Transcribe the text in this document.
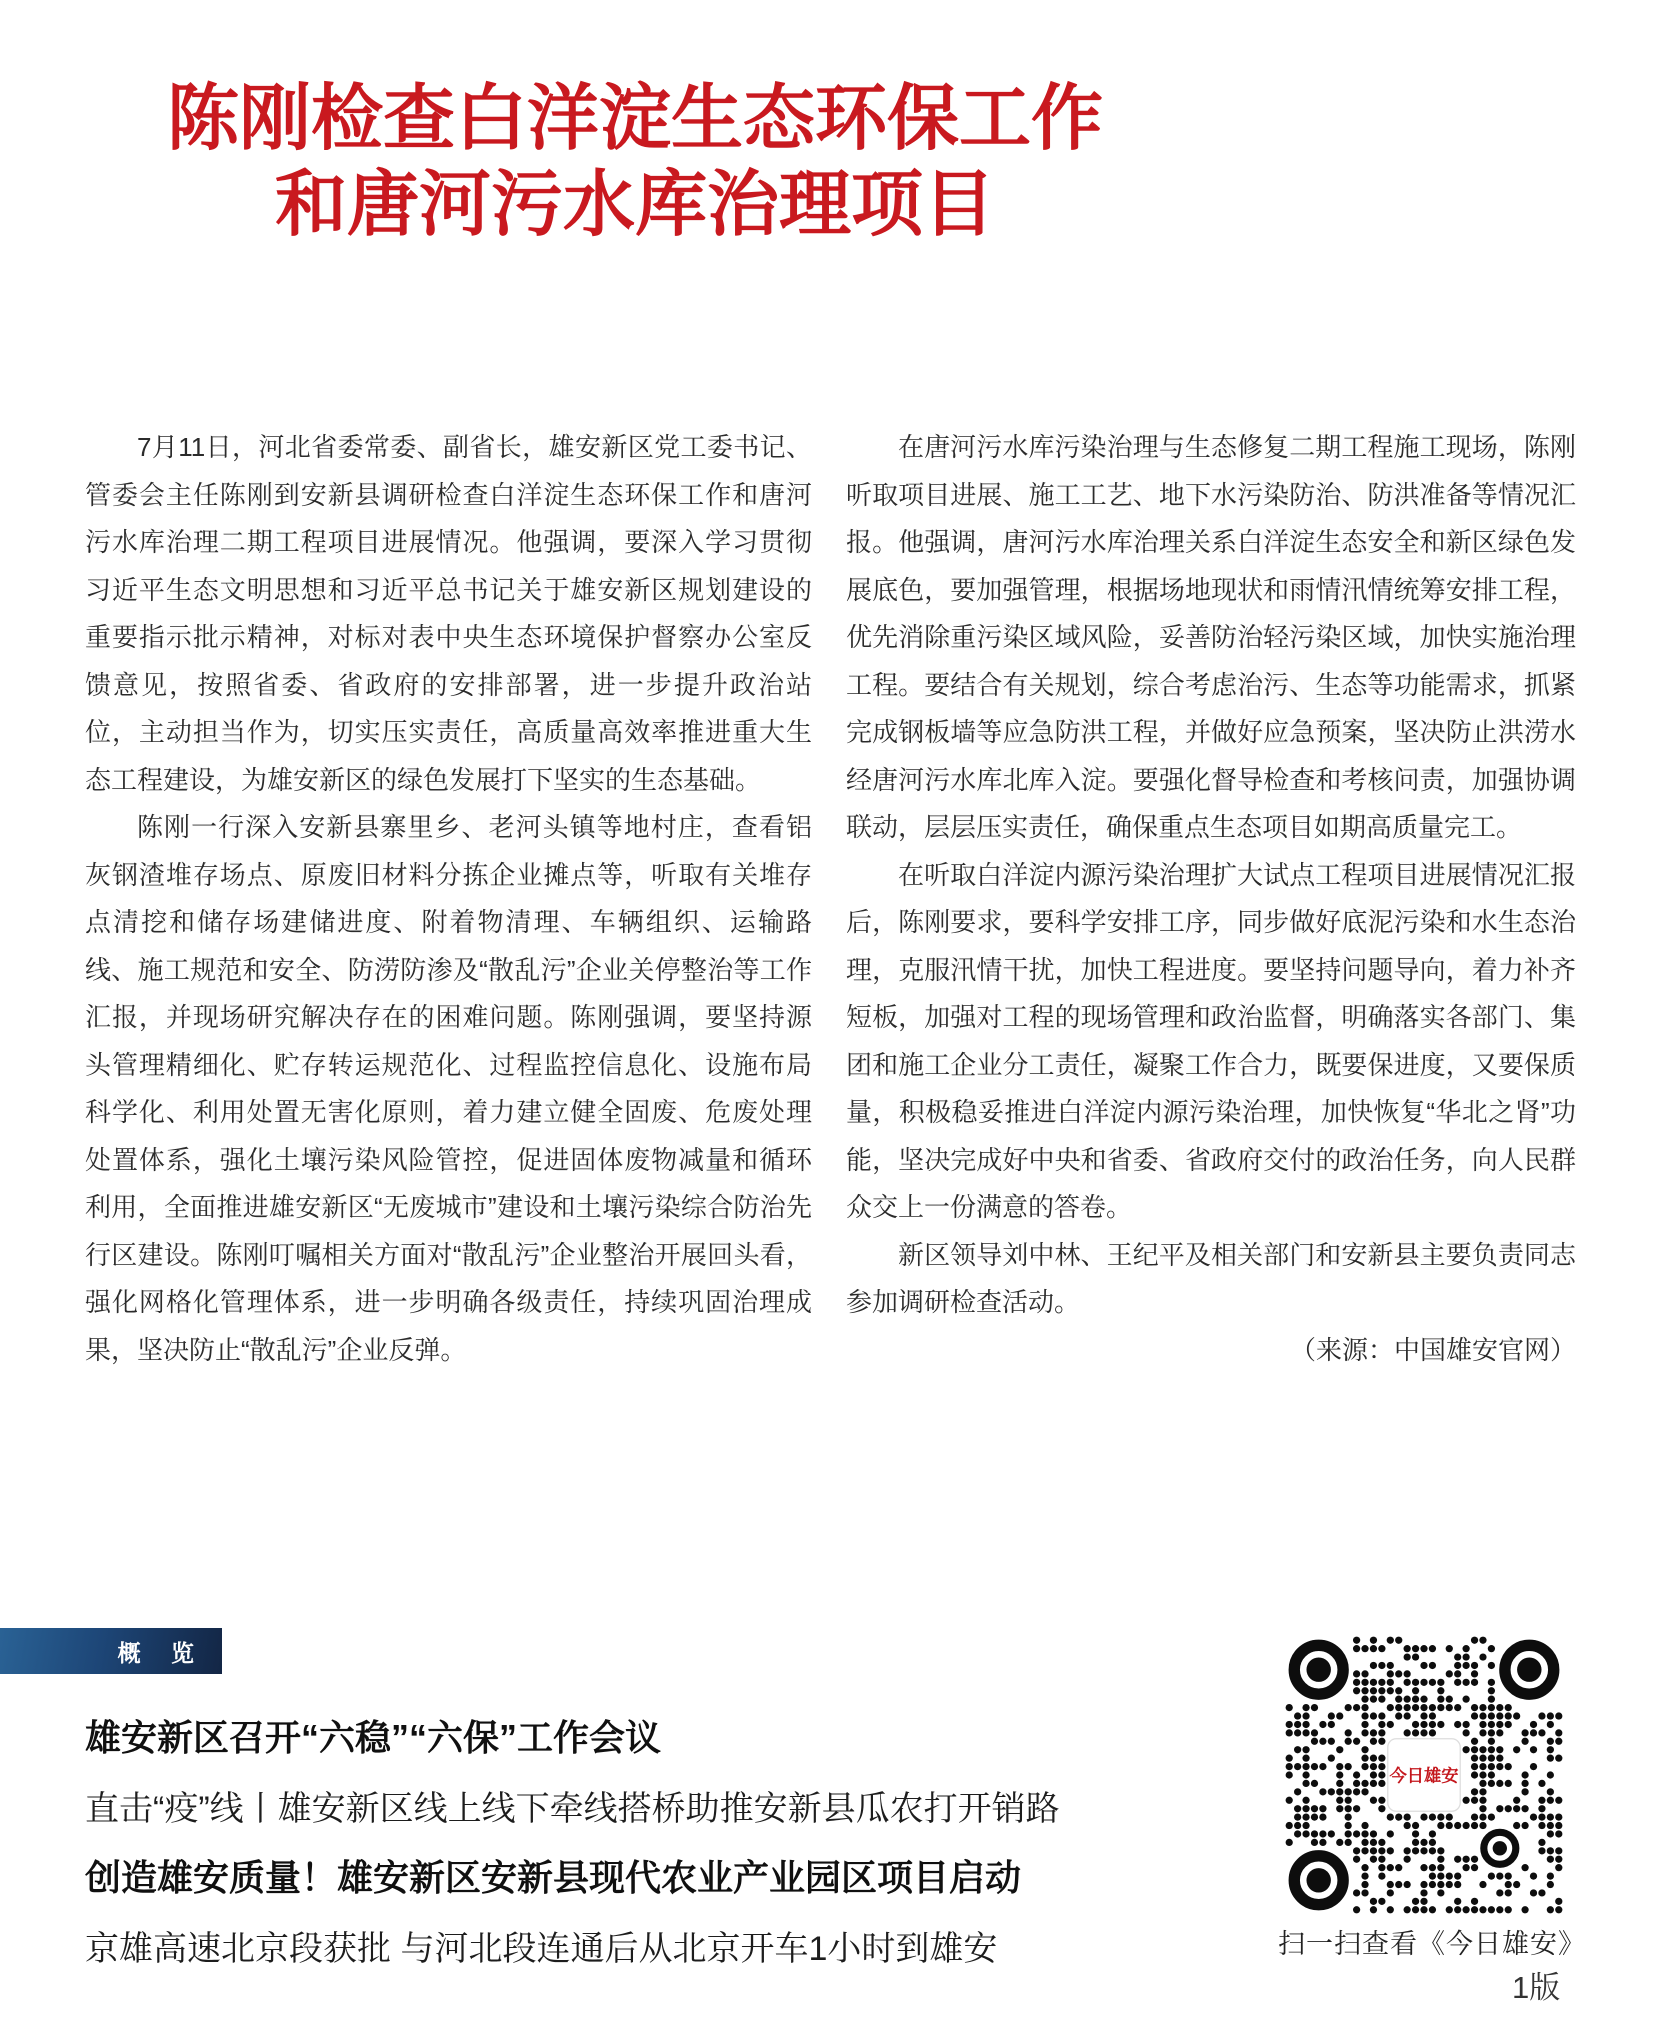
陈刚检查白洋淀生态环保工作
和唐河污水库治理项目

7月11日，河北省委常委、副省长，雄安新区党工委书记、管委会主任陈刚到安新县调研检查白洋淀生态环保工作和唐河污水库治理二期工程项目进展情况。他强调，要深入学习贯彻习近平生态文明思想和习近平总书记关于雄安新区规划建设的重要指示批示精神，对标对表中央生态环境保护督察办公室反馈意见，按照省委、省政府的安排部署，进一步提升政治站位，主动担当作为，切实压实责任，高质量高效率推进重大生态工程建设，为雄安新区的绿色发展打下坚实的生态基础。

陈刚一行深入安新县寨里乡、老河头镇等地村庄，查看铝灰钢渣堆存场点、原废旧材料分拣企业摊点等，听取有关堆存点清挖和储存场建储进度、附着物清理、车辆组织、运输路线、施工规范和安全、防涝防渗及“散乱污”企业关停整治等工作汇报，并现场研究解决存在的困难问题。陈刚强调，要坚持源头管理精细化、贮存转运规范化、过程监控信息化、设施布局科学化、利用处置无害化原则，着力建立健全固废、危废处理处置体系，强化土壤污染风险管控，促进固体废物减量和循环利用，全面推进雄安新区“无废城市”建设和土壤污染综合防治先行区建设。陈刚叮嘱相关方面对“散乱污”企业整治开展回头看，强化网格化管理体系，进一步明确各级责任，持续巩固治理成果，坚决防止“散乱污”企业反弹。

在唐河污水库污染治理与生态修复二期工程施工现场，陈刚听取项目进展、施工工艺、地下水污染防治、防洪准备等情况汇报。他强调，唐河污水库治理关系白洋淀生态安全和新区绿色发展底色，要加强管理，根据场地现状和雨情汛情统筹安排工程，优先消除重污染区域风险，妥善防治轻污染区域，加快实施治理工程。要结合有关规划，综合考虑治污、生态等功能需求，抓紧完成钢板墙等应急防洪工程，并做好应急预案，坚决防止洪涝水经唐河污水库北库入淀。要强化督导检查和考核问责，加强协调联动，层层压实责任，确保重点生态项目如期高质量完工。

在听取白洋淀内源污染治理扩大试点工程项目进展情况汇报后，陈刚要求，要科学安排工序，同步做好底泥污染和水生态治理，克服汛情干扰，加快工程进度。要坚持问题导向，着力补齐短板，加强对工程的现场管理和政治监督，明确落实各部门、集团和施工企业分工责任，凝聚工作合力，既要保进度，又要保质量，积极稳妥推进白洋淀内源污染治理，加快恢复“华北之肾”功能，坚决完成好中央和省委、省政府交付的政治任务，向人民群众交上一份满意的答卷。

新区领导刘中林、王纪平及相关部门和安新县主要负责同志参加调研检查活动。

（来源：中国雄安官网）

概 览
雄安新区召开“六稳”“六保”工作会议
直击“疫”线丨雄安新区线上线下牵线搭桥助推安新县瓜农打开销路
创造雄安质量！雄安新区安新县现代农业产业园区项目启动
京雄高速北京段获批 与河北段连通后从北京开车1小时到雄安
今日雄安
扫一扫查看《今日雄安》
1版
